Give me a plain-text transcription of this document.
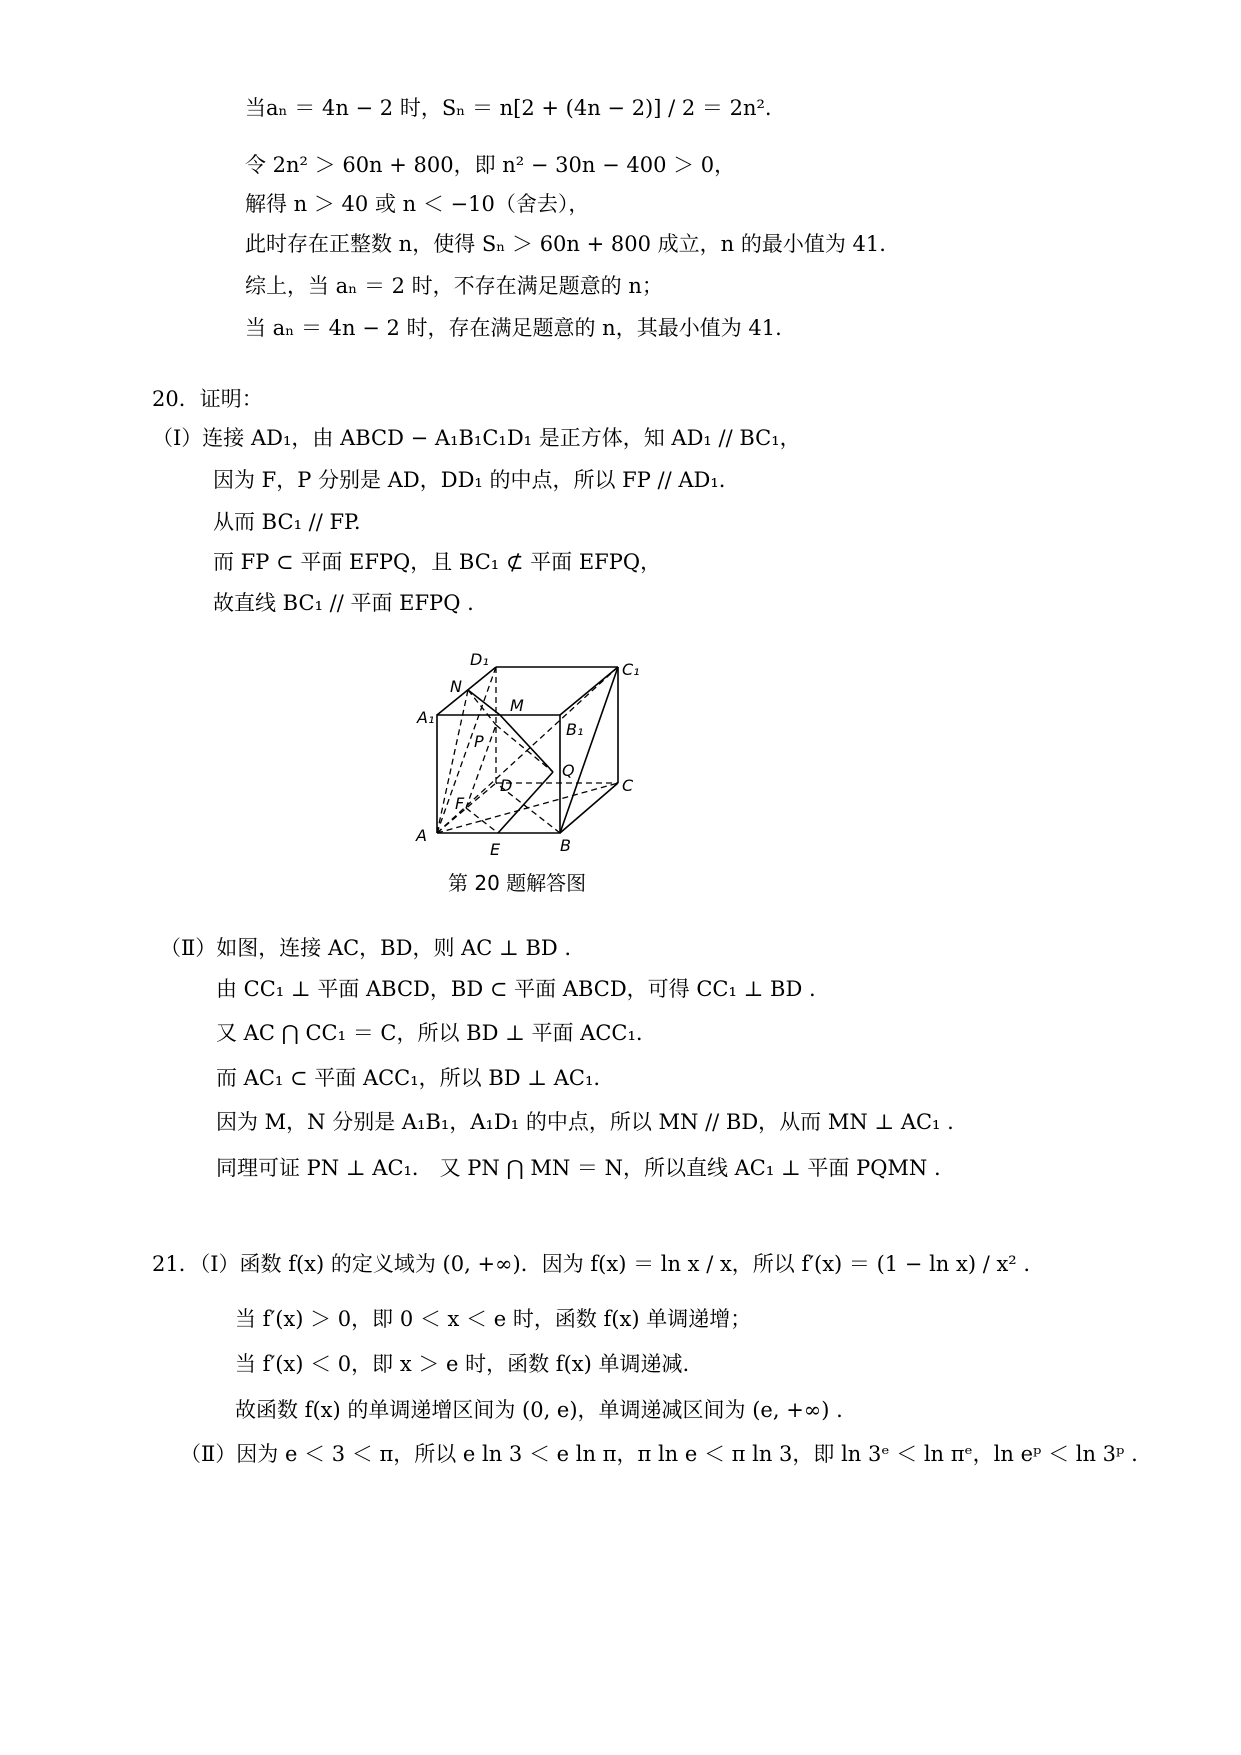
当aₙ ＝ 4n − 2 时，Sₙ ＝ n[2 + (4n − 2)] / 2 ＝ 2n².
令 2n² ＞ 60n + 800，即 n² − 30n − 400 ＞ 0，
解得 n ＞ 40 或 n ＜ −10（舍去），
此时存在正整数 n，使得 Sₙ ＞ 60n + 800 成立，n 的最小值为 41.
综上，当 aₙ ＝ 2 时，不存在满足题意的 n；
当 aₙ ＝ 4n − 2 时，存在满足题意的 n，其最小值为 41.
20．证明：
（Ⅰ）连接 AD₁，由 ABCD − A₁B₁C₁D₁ 是正方体，知 AD₁ // BC₁，
因为 F，P 分别是 AD，DD₁ 的中点，所以 FP // AD₁.
从而 BC₁ // FP.
而 FP ⊂ 平面 EFPQ，且 BC₁ ⊄ 平面 EFPQ，
故直线 BC₁ // 平面 EFPQ .
D₁
C₁
N
M
A₁
B₁
P
D
Q
C
F
A
E	B
第 20 题解答图
（Ⅱ）如图，连接 AC，BD，则 AC ⊥ BD .
由 CC₁ ⊥ 平面 ABCD，BD ⊂ 平面 ABCD，可得 CC₁ ⊥ BD .
又 AC ⋂ CC₁ ＝ C，所以 BD ⊥ 平面 ACC₁.
而 AC₁ ⊂ 平面 ACC₁，所以 BD ⊥ AC₁.
因为 M，N 分别是 A₁B₁，A₁D₁ 的中点，所以 MN // BD，从而 MN ⊥ AC₁ .
同理可证 PN ⊥ AC₁． 又 PN ⋂ MN ＝ N，所以直线 AC₁ ⊥ 平面 PQMN .
21．（Ⅰ）函数 f(x) 的定义域为 (0, +∞)．因为 f(x) ＝ ln x / x，所以 f′(x) ＝ (1 − ln x) / x² .
当 f′(x) ＞ 0，即 0 ＜ x ＜ e 时，函数 f(x) 单调递增；
当 f′(x) ＜ 0，即 x ＞ e 时，函数 f(x) 单调递减.
故函数 f(x) 的单调递增区间为 (0, e)，单调递减区间为 (e, +∞) .
（Ⅱ）因为 e ＜ 3 ＜ π，所以 e ln 3 ＜ e ln π，π ln e ＜ π ln 3，即 ln 3ᵉ ＜ ln πᵉ，ln eᵖ ＜ ln 3ᵖ .
